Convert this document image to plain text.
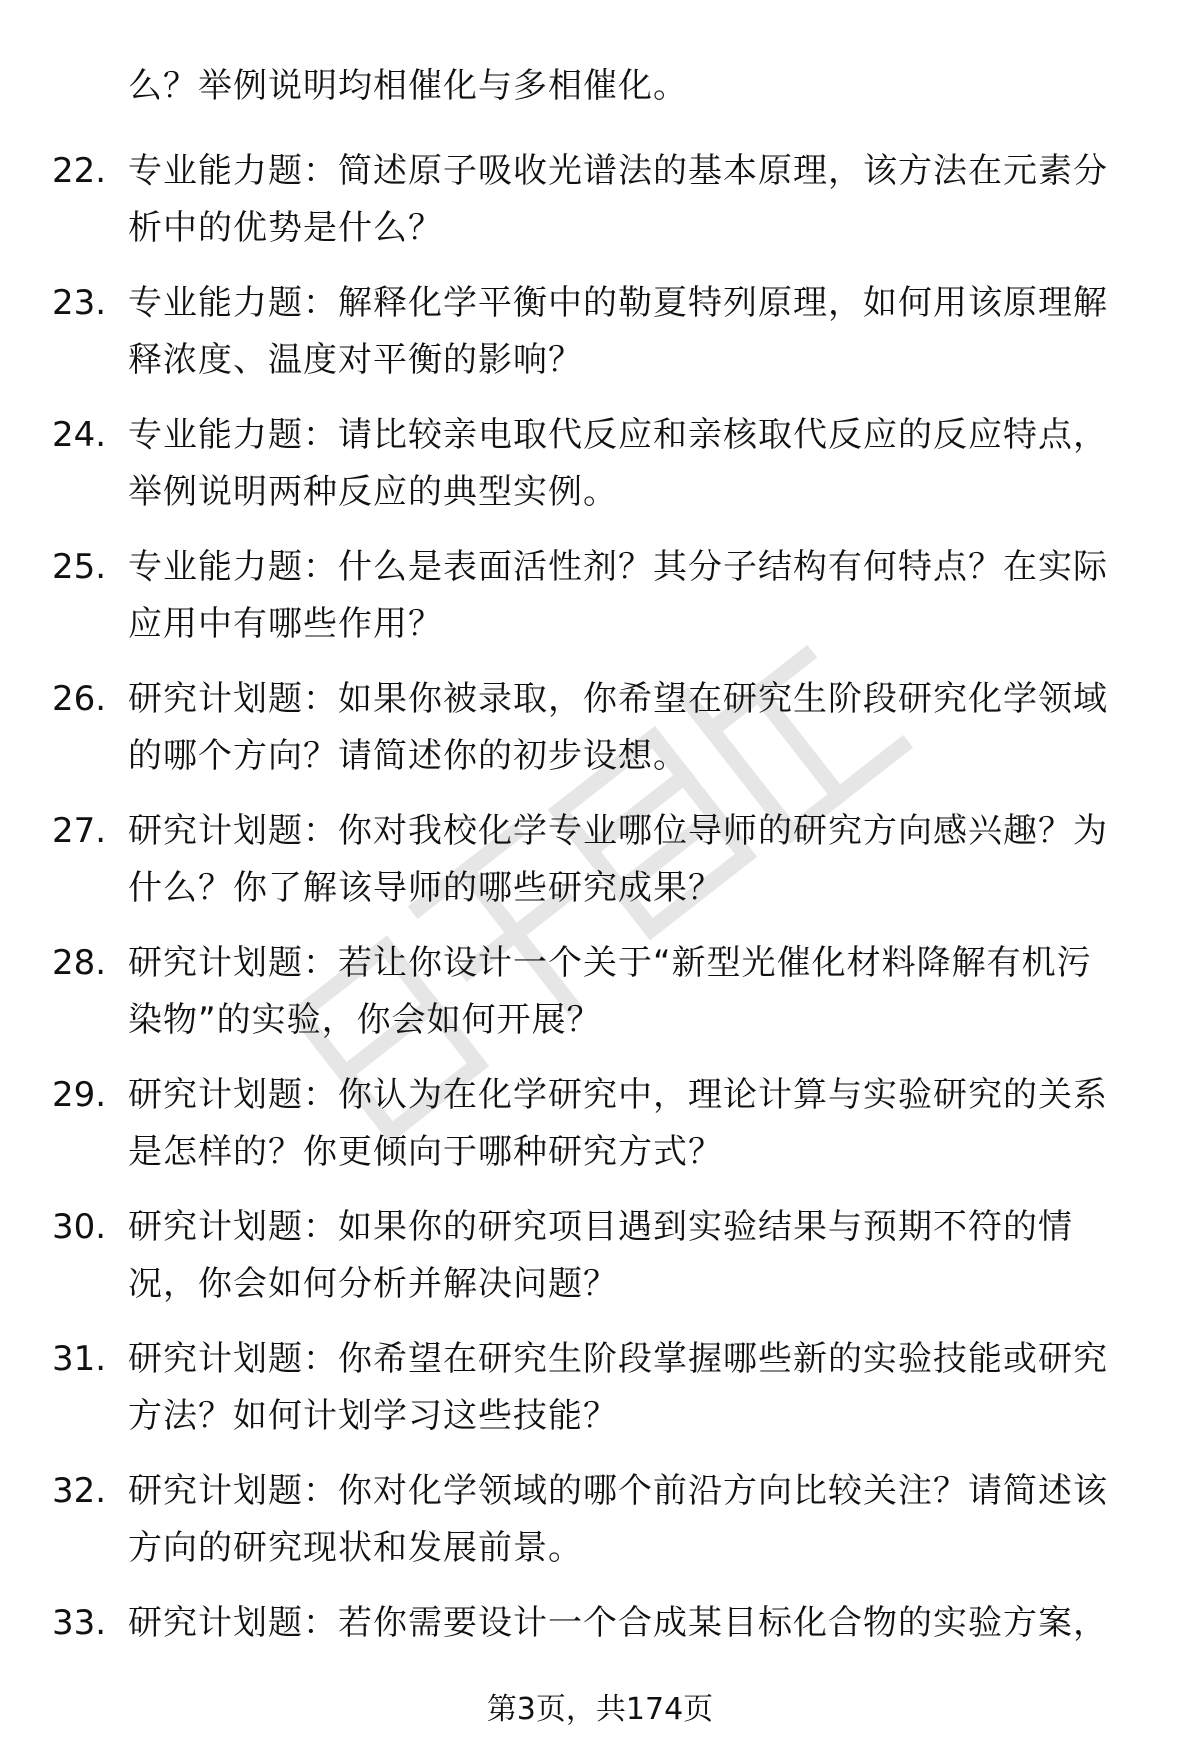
么？举例说明均相催化与多相催化。
22. 专业能力题：简述原子吸收光谱法的基本原理，该方法在元素分
析中的优势是什么？
23. 专业能力题：解释化学平衡中的勒夏特列原理，如何用该原理解
释浓度、温度对平衡的影响？
24. 专业能力题：请比较亲电取代反应和亲核取代反应的反应特点，
举例说明两种反应的典型实例。
25. 专业能力题：什么是表面活性剂？其分子结构有何特点？在实际
应用中有哪些作用？
26. 研究计划题：如果你被录取，你希望在研究生阶段研究化学领域
的哪个方向？请简述你的初步设想。
27. 研究计划题：你对我校化学专业哪位导师的研究方向感兴趣？为
什么？你了解该导师的哪些研究成果？
28. 研究计划题：若让你设计一个关于“新型光催化材料降解有机污
染物”的实验，你会如何开展？
29. 研究计划题：你认为在化学研究中，理论计算与实验研究的关系
是怎样的？你更倾向于哪种研究方式？
30. 研究计划题：如果你的研究项目遇到实验结果与预期不符的情
况，你会如何分析并解决问题？
31. 研究计划题：你希望在研究生阶段掌握哪些新的实验技能或研究
方法？如何计划学习这些技能？
32. 研究计划题：你对化学领域的哪个前沿方向比较关注？请简述该
方向的研究现状和发展前景。
33. 研究计划题：若你需要设计一个合成某目标化合物的实验方案，
第3页，共174页
